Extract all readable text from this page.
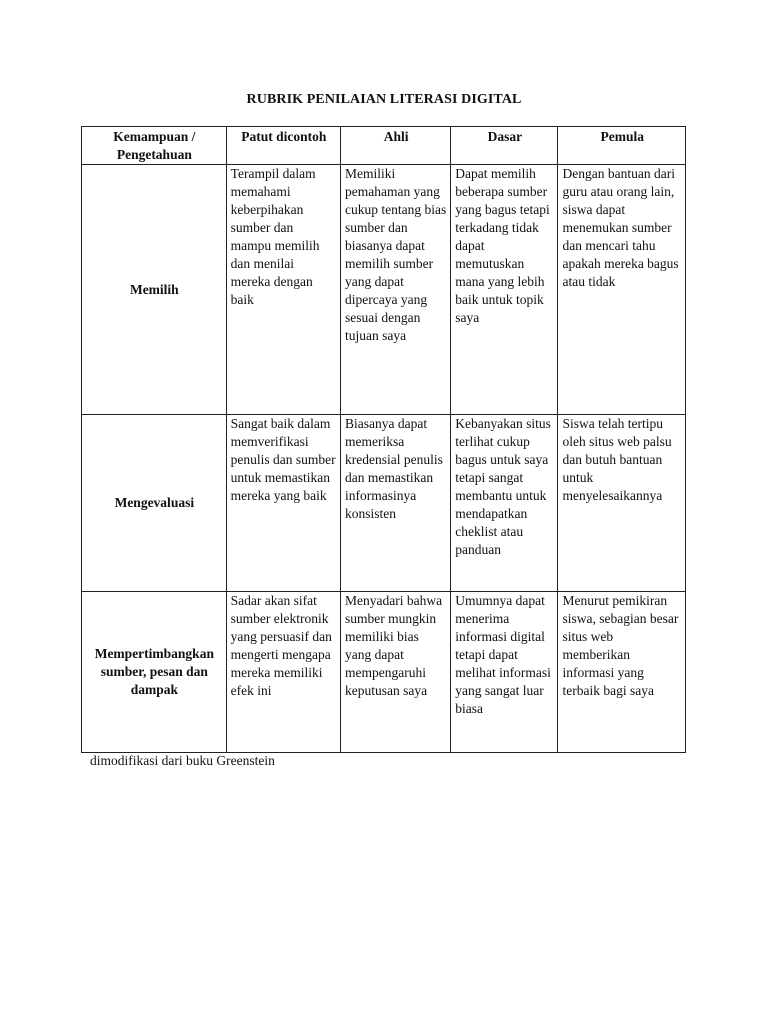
RUBRIK PENILAIAN LITERASI DIGITAL
Kemampuan / Pengetahuan	Patut dicontoh	Ahli	Dasar	Pemula
Memilih	Terampil dalam memahami keberpihakan sumber dan mampu memilih dan menilai mereka dengan baik	Memiliki pemahaman yang cukup tentang bias sumber dan biasanya dapat memilih sumber yang dapat dipercaya yang sesuai dengan tujuan saya	Dapat memilih beberapa sumber yang bagus tetapi terkadang tidak dapat memutuskan mana yang lebih baik untuk topik saya	Dengan bantuan dari guru atau orang lain, siswa dapat menemukan sumber dan mencari tahu apakah mereka bagus atau tidak
Mengevaluasi	Sangat baik dalam memverifikasi penulis dan sumber untuk memastikan mereka yang baik	Biasanya dapat memeriksa kredensial penulis dan memastikan informasinya konsisten	Kebanyakan situs terlihat cukup bagus untuk saya tetapi sangat membantu untuk mendapatkan cheklist atau panduan	Siswa telah tertipu oleh situs web palsu dan butuh bantuan untuk menyelesaikannya
Mempertimbangkan sumber, pesan dan dampak	Sadar akan sifat sumber elektronik yang persuasif dan mengerti mengapa mereka memiliki efek ini	Menyadari bahwa sumber mungkin memiliki bias yang dapat mempengaruhi keputusan saya	Umumnya dapat menerima informasi digital tetapi dapat melihat informasi yang sangat luar biasa	Menurut pemikiran siswa, sebagian besar situs web memberikan informasi yang terbaik bagi saya
dimodifikasi dari buku Greenstein
